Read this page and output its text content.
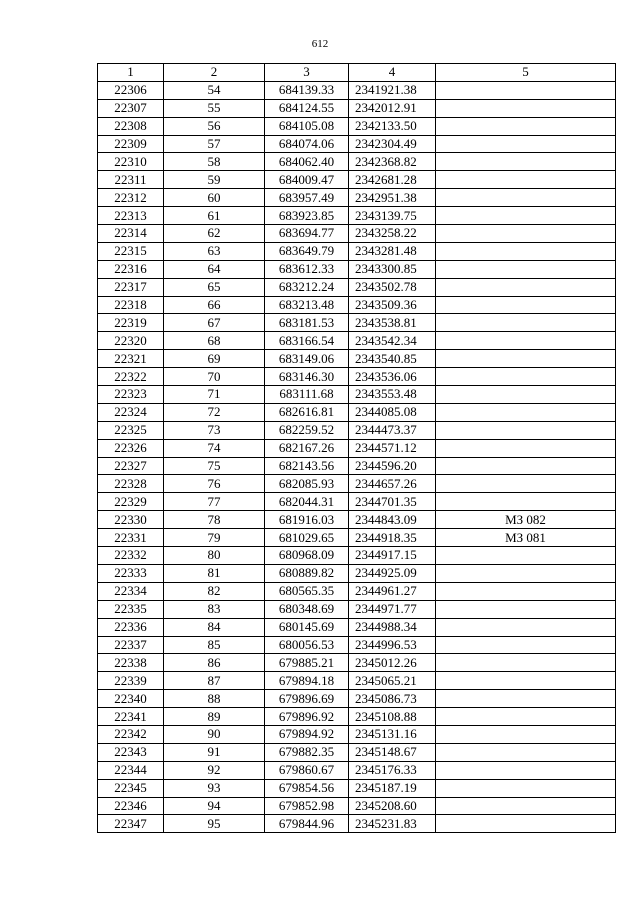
612
1	2	3	4	5
22306	54	684139.33	2341921.38	
22307	55	684124.55	2342012.91	
22308	56	684105.08	2342133.50	
22309	57	684074.06	2342304.49	
22310	58	684062.40	2342368.82	
22311	59	684009.47	2342681.28	
22312	60	683957.49	2342951.38	
22313	61	683923.85	2343139.75	
22314	62	683694.77	2343258.22	
22315	63	683649.79	2343281.48	
22316	64	683612.33	2343300.85	
22317	65	683212.24	2343502.78	
22318	66	683213.48	2343509.36	
22319	67	683181.53	2343538.81	
22320	68	683166.54	2343542.34	
22321	69	683149.06	2343540.85	
22322	70	683146.30	2343536.06	
22323	71	683111.68	2343553.48	
22324	72	682616.81	2344085.08	
22325	73	682259.52	2344473.37	
22326	74	682167.26	2344571.12	
22327	75	682143.56	2344596.20	
22328	76	682085.93	2344657.26	
22329	77	682044.31	2344701.35	
22330	78	681916.03	2344843.09	МЗ 082
22331	79	681029.65	2344918.35	МЗ 081
22332	80	680968.09	2344917.15	
22333	81	680889.82	2344925.09	
22334	82	680565.35	2344961.27	
22335	83	680348.69	2344971.77	
22336	84	680145.69	2344988.34	
22337	85	680056.53	2344996.53	
22338	86	679885.21	2345012.26	
22339	87	679894.18	2345065.21	
22340	88	679896.69	2345086.73	
22341	89	679896.92	2345108.88	
22342	90	679894.92	2345131.16	
22343	91	679882.35	2345148.67	
22344	92	679860.67	2345176.33	
22345	93	679854.56	2345187.19	
22346	94	679852.98	2345208.60	
22347	95	679844.96	2345231.83	
